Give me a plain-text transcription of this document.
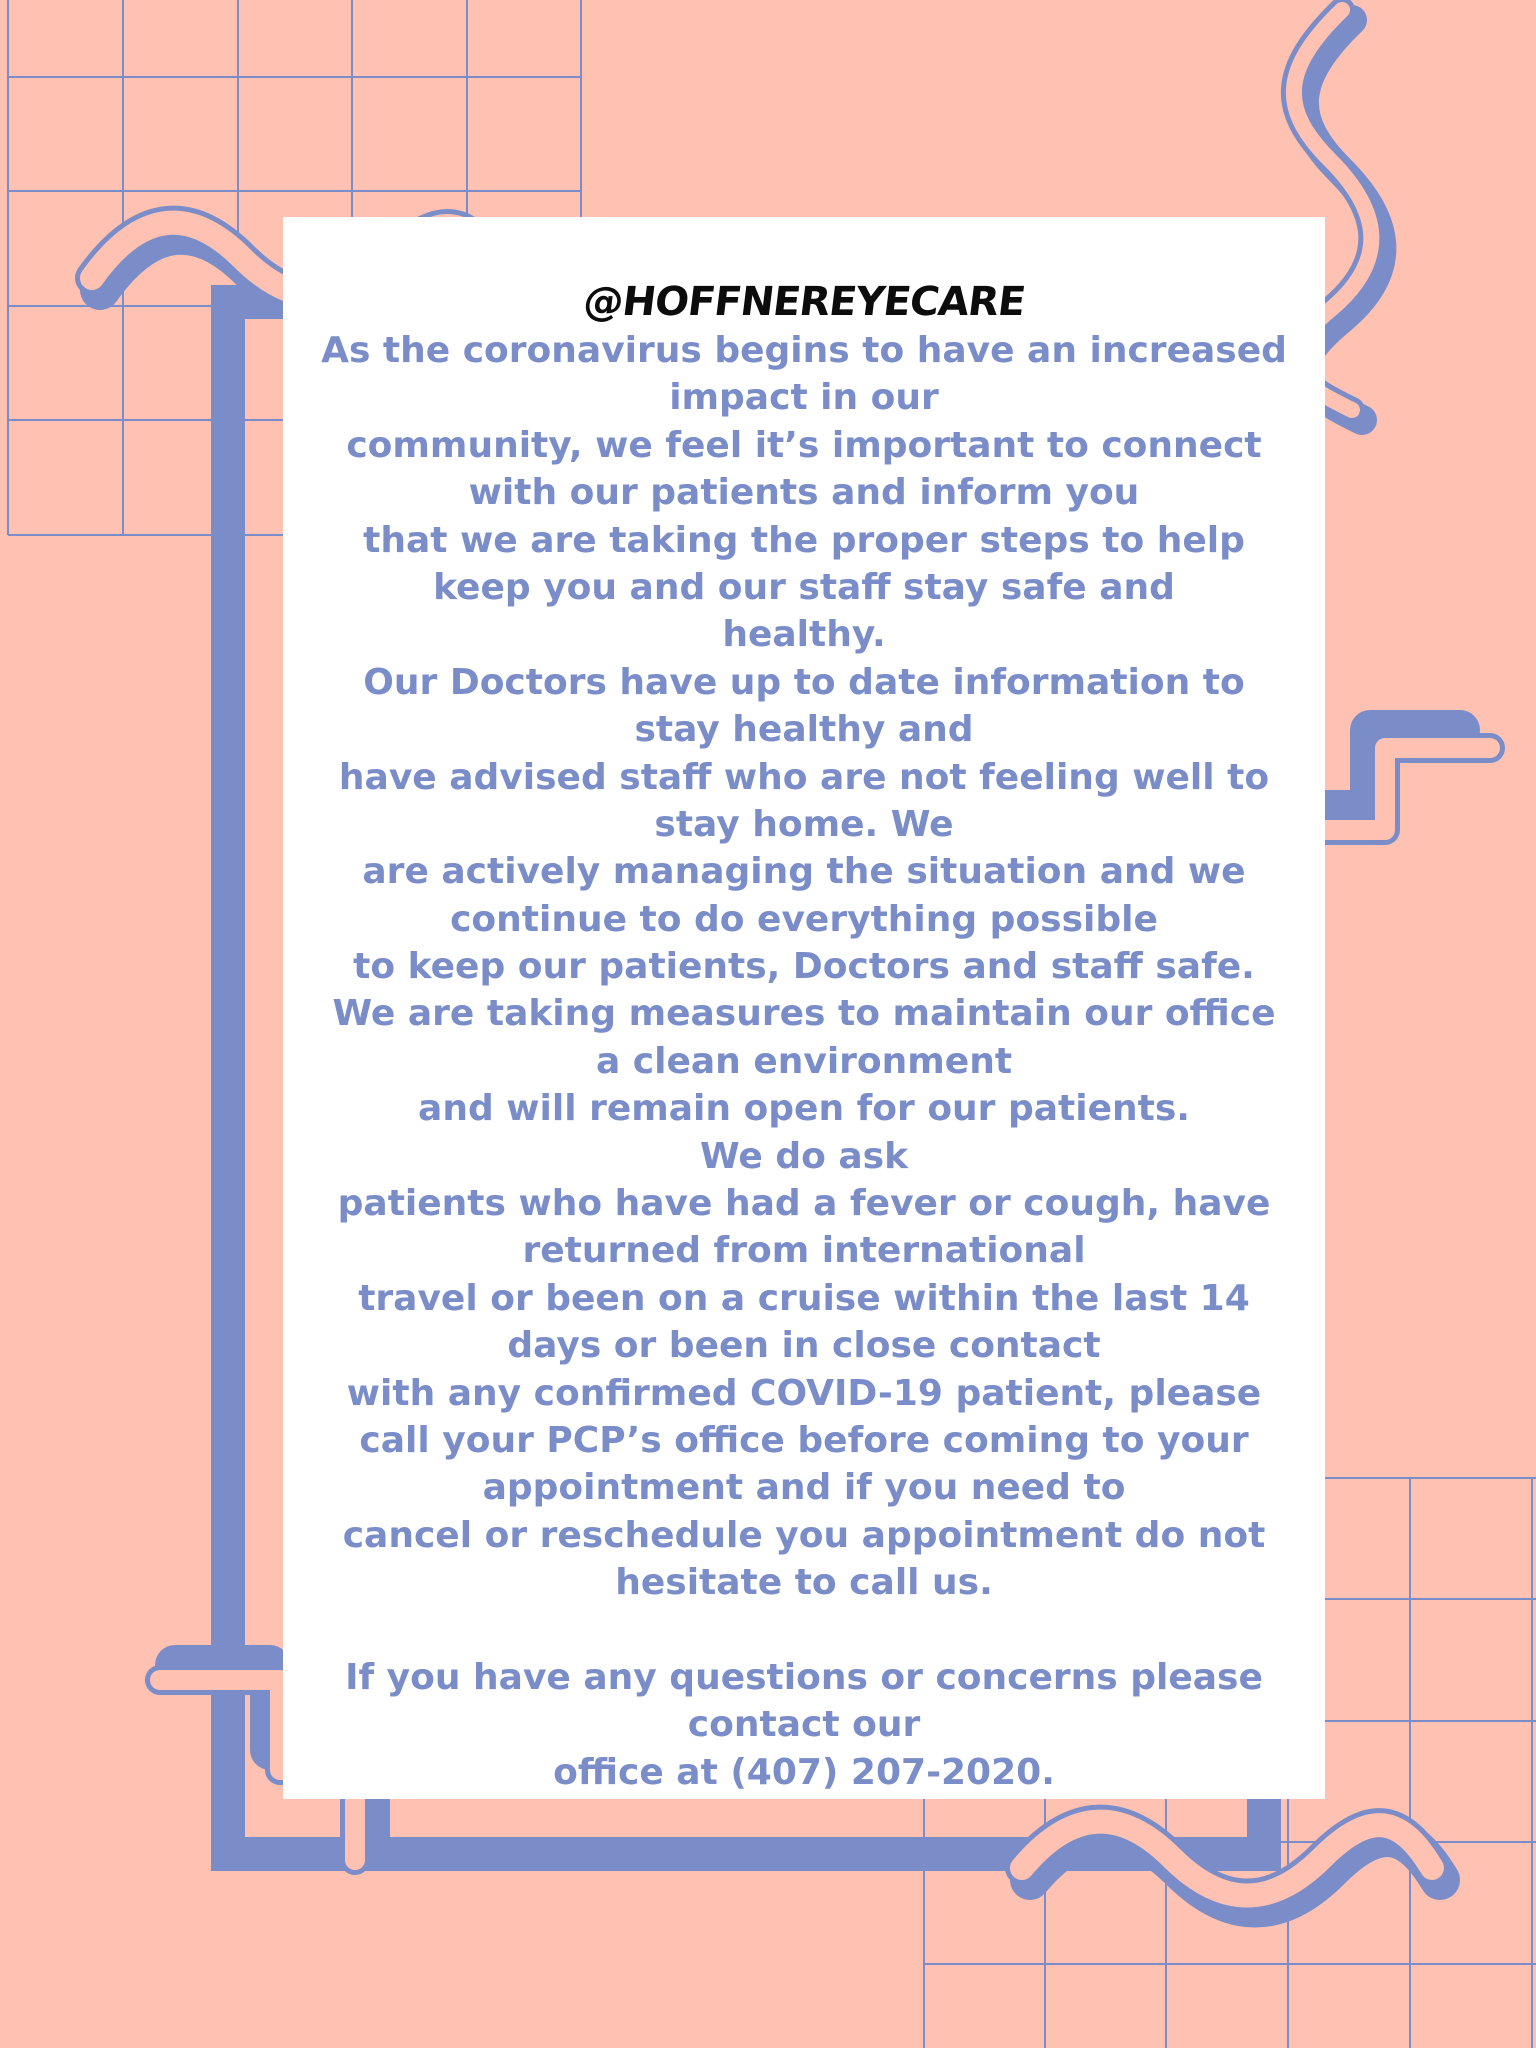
@HOFFNEREYECARE
As the coronavirus begins to have an increased
impact in our
community, we feel it’s important to connect
with our patients and inform you
that we are taking the proper steps to help
keep you and our staff stay safe and
healthy.
Our Doctors have up to date information to
stay healthy and
have advised staff who are not feeling well to
stay home. We
are actively managing the situation and we
continue to do everything possible
to keep our patients, Doctors and staff safe.
We are taking measures to maintain our office
a clean environment
and will remain open for our patients.
We do ask
patients who have had a fever or cough, have
returned from international
travel or been on a cruise within the last 14
days or been in close contact
with any confirmed COVID-19 patient, please
call your PCP’s office before coming to your
appointment and if you need to
cancel or reschedule you appointment do not
hesitate to call us.
If you have any questions or concerns please
contact our
office at (407) 207-2020.
